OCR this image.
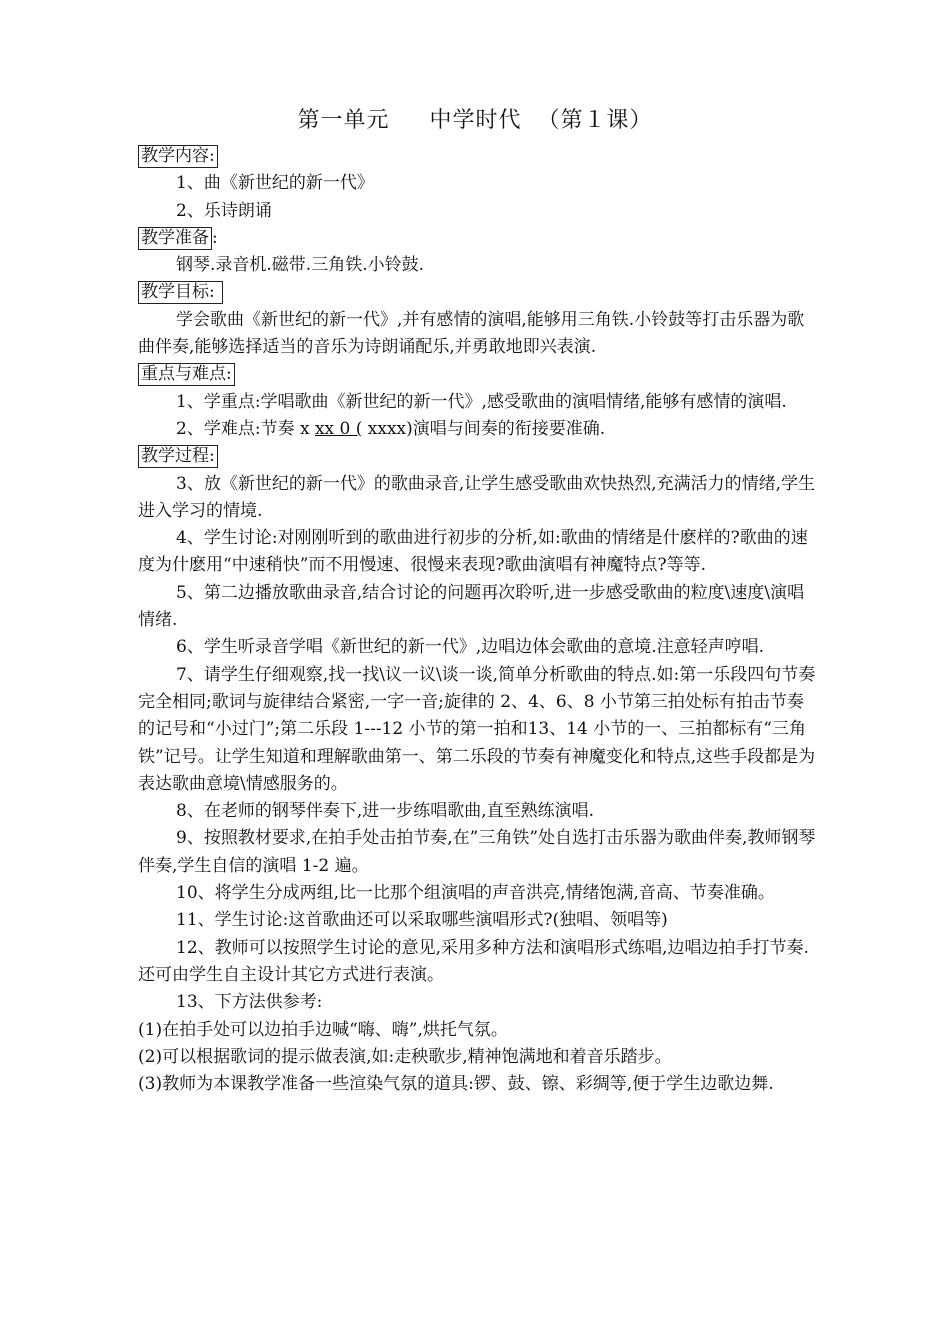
第一单元 中学时代 （第１课）
教学内容:

1、曲《新世纪的新一代》

2、乐诗朗诵

教学准备 :

钢琴.录音机.磁带.三角铁.小铃鼓.

教学目标:

学会歌曲《新世纪的新一代》,并有感情的演唱,能够用三角铁.小铃鼓等打击乐器为歌曲伴奏,能够选择适当的音乐为诗朗诵配乐,并勇敢地即兴表演.

重点与难点:

1、学重点:学唱歌曲《新世纪的新一代》,感受歌曲的演唱情绪,能够有感情的演唱.

2、学难点:节奏 x xx 0 ( xxxx)演唱与间奏的衔接要准确.

教学过程:

3、放《新世纪的新一代》的歌曲录音,让学生感受歌曲欢快热烈,充满活力的情绪,学生进入学习的情境.

4、学生讨论:对刚刚听到的歌曲进行初步的分析,如:歌曲的情绪是什麽样的?歌曲的速度为什麽用“中速稍快”而不用慢速、很慢来表现?歌曲演唱有神魔特点?等等.

5、第二边播放歌曲录音,结合讨论的问题再次聆听,进一步感受歌曲的粒度\速度\演唱情绪.

6、学生听录音学唱《新世纪的新一代》,边唱边体会歌曲的意境.注意轻声哼唱.

7、请学生仔细观察,找一找\议一议\谈一谈,简单分析歌曲的特点.如:第一乐段四句节奏完全相同;歌词与旋律结合紧密,一字一音;旋律的 2、4、6、8 小节第三拍处标有拍击节奏的记号和“小过门”;第二乐段 1---12 小节的第一拍和13、14 小节的一、三拍都标有“三角铁”记号。让学生知道和理解歌曲第一、第二乐段的节奏有神魔变化和特点,这些手段都是为表达歌曲意境\情感服务的。

8、在老师的钢琴伴奏下,进一步练唱歌曲,直至熟练演唱.

9、按照教材要求,在拍手处击拍节奏,在”三角铁”处自选打击乐器为歌曲伴奏,教师钢琴伴奏,学生自信的演唱 1-2 遍。

10、将学生分成两组,比一比那个组演唱的声音洪亮,情绪饱满,音高、节奏准确。

11、学生讨论:这首歌曲还可以采取哪些演唱形式?(独唱、领唱等)

12、教师可以按照学生讨论的意见,采用多种方法和演唱形式练唱,边唱边拍手打节奏.还可由学生自主设计其它方式进行表演。

13、下方法供参考:

(1)在拍手处可以边拍手边喊“嗨、嗨”,烘托气氛。

(2)可以根据歌词的提示做表演,如:走秧歌步,精神饱满地和着音乐踏步。

(3)教师为本课教学准备一些渲染气氛的道具:锣、鼓、镲、彩绸等,便于学生边歌边舞.
